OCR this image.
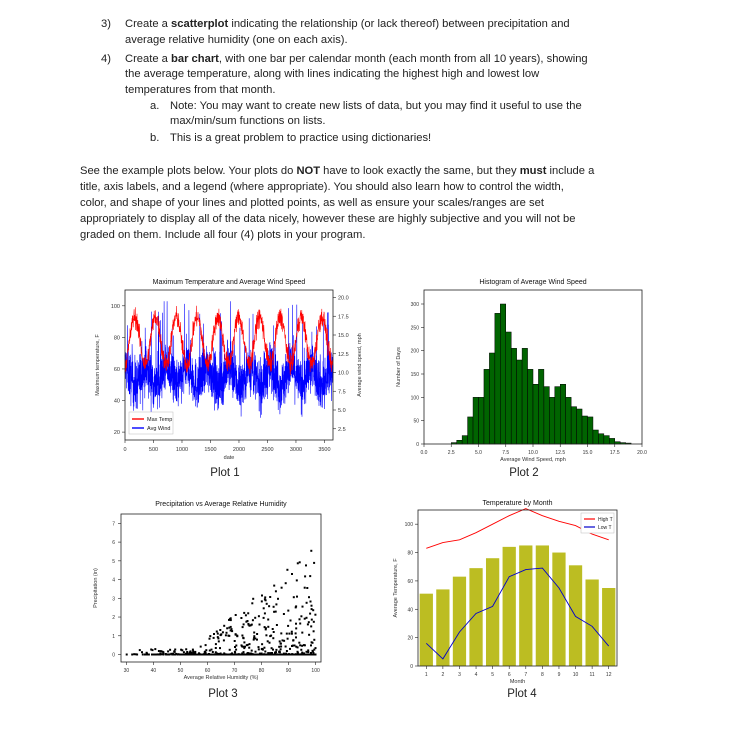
3) Create a scatterplot indicating the relationship (or lack thereof) between precipitation and
average relative humidity (one on each axis).
4) Create a bar chart, with one bar per calendar month (each month from all 10 years), showing
the average temperature, along with lines indicating the highest high and lowest low
temperatures from that month.
a. Note: You may want to create new lists of data, but you may find it useful to use the
max/min/sum functions on lists.
b. This is a great problem to practice using dictionaries!
See the example plots below. Your plots do NOT have to look exactly the same, but they must include a
title, axis labels, and a legend (where appropriate). You should also learn how to control the width,
color, and shape of your lines and plotted points, as well as ensure your scales/ranges are set
appropriately to display all of the data nicely, however these are highly subjective and you will not be
graded on them. Include all four (4) plots in your program.
Maximum Temperature and Average Wind Speed
0	500	1000	1500	2000	2500	3000	3500
20
40
60
80
100
2.5
5.0
7.5
10.0
12.5
15.0
17.5
20.0
date
Maximum temperature, F	Average wind speed, mph
Max Temp
Avg Wind
Plot 1
Histogram of Average Wind Speed
0.0	2.5	5.0	7.5	10.0	12.5	15.0	17.5	20.0
0
50
100
150
200
250
300
Average Wind Speed, mph
Number of Days
Plot 2
Precipitation vs Average Relative Humidity
30	40	50	60	70	80	90	100
0
1
2
3
4
5
6
7
Average Relative Humidity (%)
Precipitation (in)
Plot 3
Temperature by Month
1	2	3	4	5	6	7	8	9 10 11 12
0
20
40
60
80
100
Month
Average Temperature, F
High T
Low T
Plot 4
